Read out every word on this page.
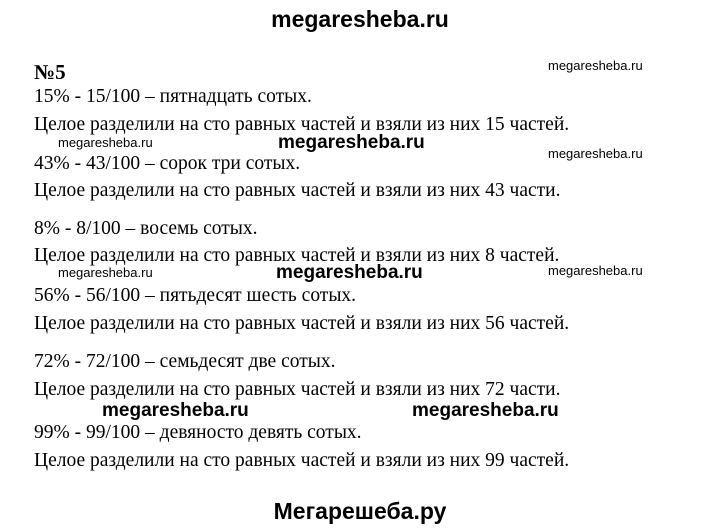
megaresheba.ru
№5	megaresheba.ru
megaresheba.ru	megaresheba.ru
megaresheba.ru
megaresheba.ru	megaresheba.ru	megaresheba.ru
megaresheba.ru	megaresheba.ru
15% - 15/100 – пятнадцать сотых.
Целое разделили на сто равных частей и взяли из них 15 частей.
43% - 43/100 – сорок три сотых.
Целое разделили на сто равных частей и взяли из них 43 части.
8% - 8/100 – восемь сотых.
Целое разделили на сто равных частей и взяли из них 8 частей.
56% - 56/100 – пятьдесят шесть сотых.
Целое разделили на сто равных частей и взяли из них 56 частей.
72% - 72/100 – семьдесят две сотых.
Целое разделили на сто равных частей и взяли из них 72 части.
99% - 99/100 – девяносто девять сотых.
Целое разделили на сто равных частей и взяли из них 99 частей.
Мегарешеба.ру
